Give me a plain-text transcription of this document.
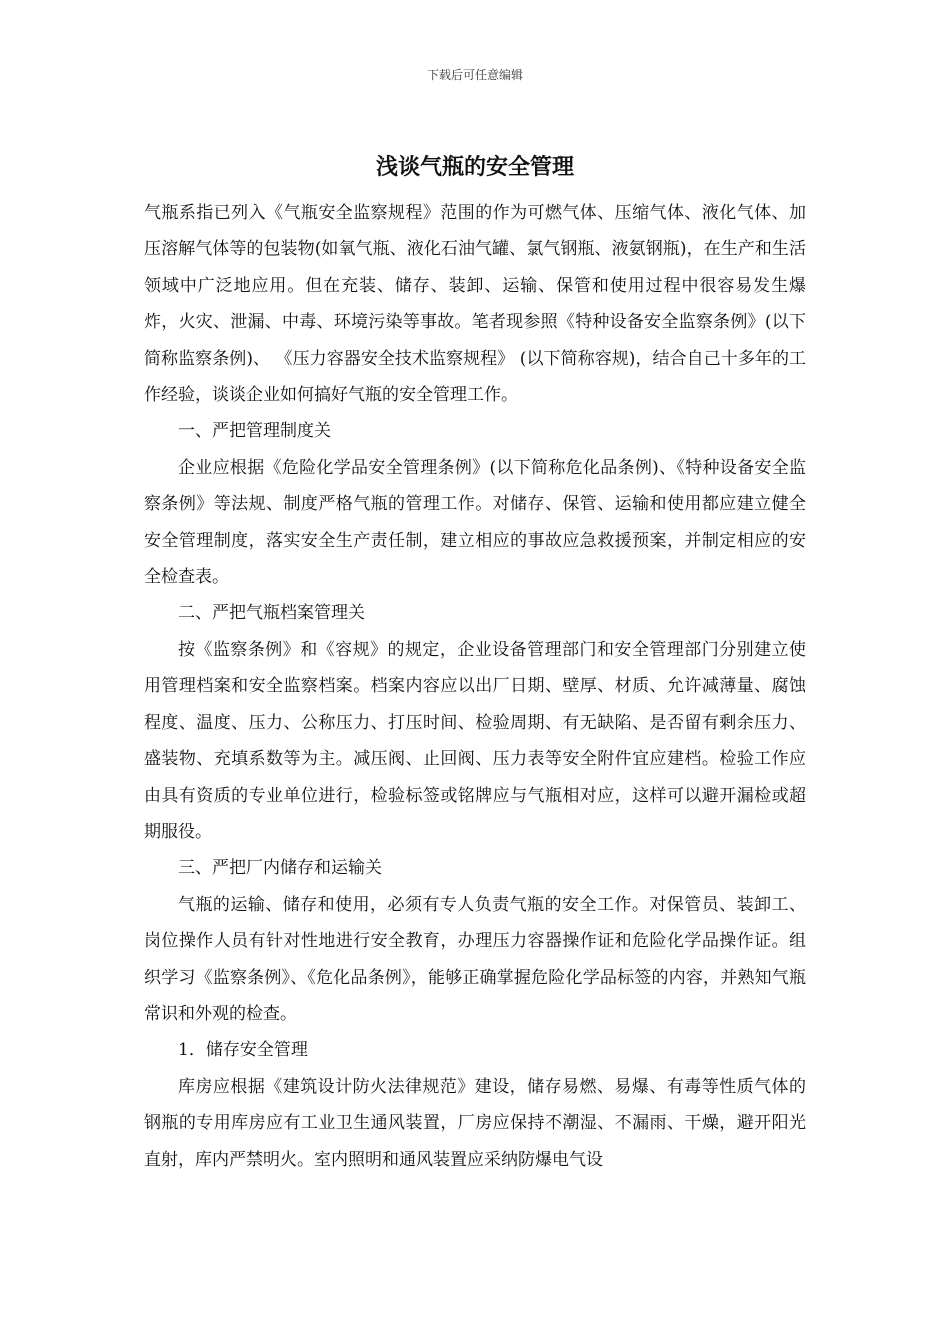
下载后可任意编辑
浅谈气瓶的安全管理

气瓶系指已列入《气瓶安全监察规程》范围的作为可燃气体、压缩气体、液化气体、加压溶解气体等的包装物(如氧气瓶、液化石油气罐、氯气钢瓶、液氨钢瓶)，在生产和生活领域中广泛地应用。但在充装、储存、装卸、运输、保管和使用过程中很容易发生爆炸，火灾、泄漏、中毒、环境污染等事故。笔者现参照《特种设备安全监察条例》(以下简称监察条例)、 《压力容器安全技术监察规程》 (以下简称容规)，结合自己十多年的工作经验，谈谈企业如何搞好气瓶的安全管理工作。

一、严把管理制度关

企业应根据《危险化学品安全管理条例》(以下简称危化品条例)、《特种设备安全监察条例》等法规、制度严格气瓶的管理工作。对储存、保管、运输和使用都应建立健全安全管理制度，落实安全生产责任制，建立相应的事故应急救援预案，并制定相应的安全检查表。

二、严把气瓶档案管理关

按《监察条例》和《容规》的规定，企业设备管理部门和安全管理部门分别建立使用管理档案和安全监察档案。档案内容应以出厂日期、壁厚、材质、允许减薄量、腐蚀程度、温度、压力、公称压力、打压时间、检验周期、有无缺陷、是否留有剩余压力、盛装物、充填系数等为主。减压阀、止回阀、压力表等安全附件宜应建档。检验工作应由具有资质的专业单位进行，检验标签或铭牌应与气瓶相对应，这样可以避开漏检或超期服役。

三、严把厂内储存和运输关

气瓶的运输、储存和使用，必须有专人负责气瓶的安全工作。对保管员、装卸工、岗位操作人员有针对性地进行安全教育，办理压力容器操作证和危险化学品操作证。组织学习《监察条例》、《危化品条例》，能够正确掌握危险化学品标签的内容，并熟知气瓶常识和外观的检查。

1．储存安全管理

库房应根据《建筑设计防火法律规范》建设，储存易燃、易爆、有毒等性质气体的钢瓶的专用库房应有工业卫生通风装置，厂房应保持不潮湿、不漏雨、干燥，避开阳光直射，库内严禁明火。室内照明和通风装置应采纳防爆电气设
